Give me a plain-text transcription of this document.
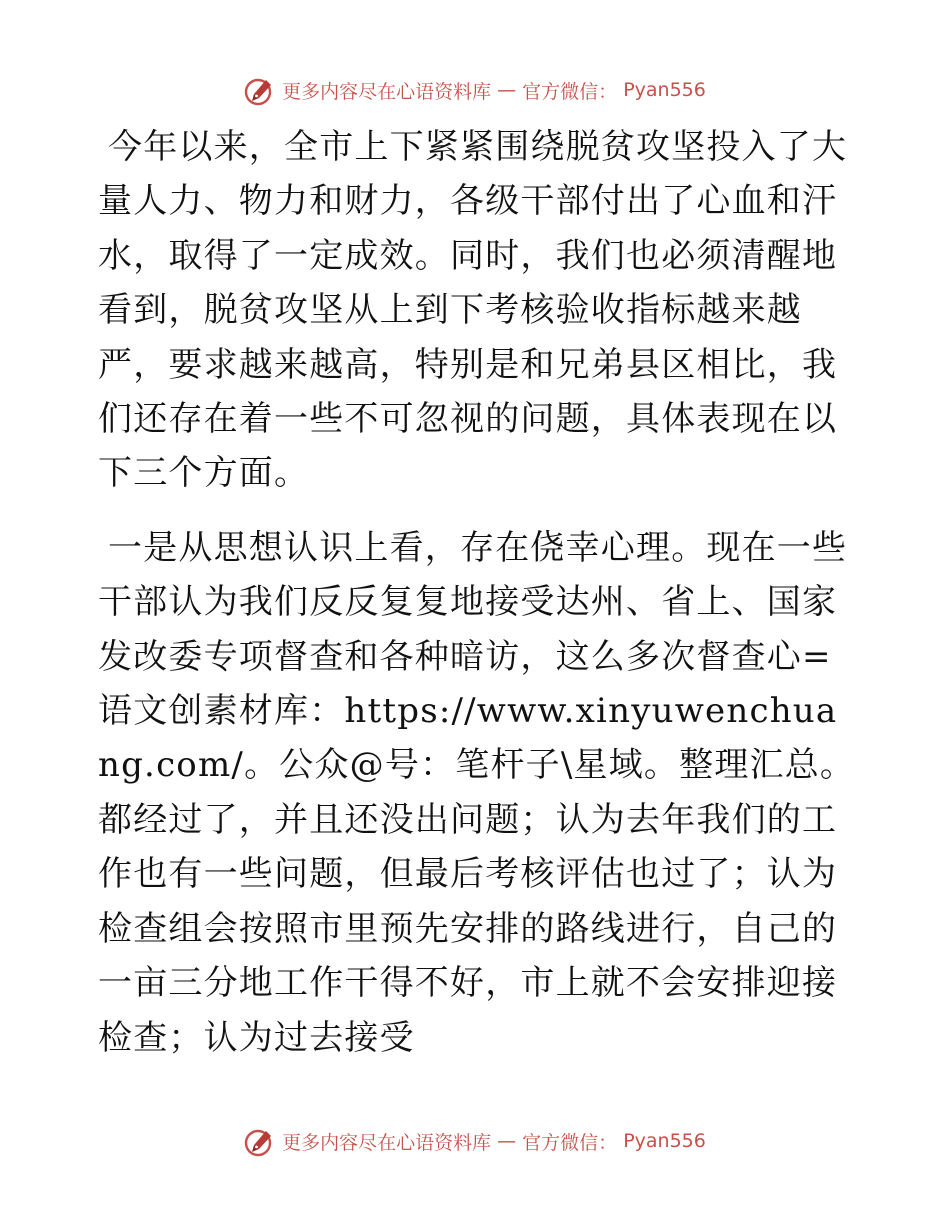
更多内容尽在心语资料库 — 官方微信： Pyan556

今年以来，全市上下紧紧围绕脱贫攻坚投入了大量人力、物力和财力，各级干部付出了心血和汗水，取得了一定成效。同时，我们也必须清醒地看到，脱贫攻坚从上到下考核验收指标越来越严，要求越来越高，特别是和兄弟县区相比，我们还存在着一些不可忽视的问题，具体表现在以下三个方面。

一是从思想认识上看，存在侥幸心理。现在一些干部认为我们反反复复地接受达州、省上、国家发改委专项督查和各种暗访，这么多次督查心=语文创素材库：https://www.xinyuwenchuang.com/。公众@号：笔杆子\星域。整理汇总。都经过了，并且还没出问题；认为去年我们的工作也有一些问题，但最后考核评估也过了；认为检查组会按照市里预先安排的路线进行，自己的一亩三分地工作干得不好，市上就不会安排迎接检查；认为过去接受

更多内容尽在心语资料库 — 官方微信： Pyan556
